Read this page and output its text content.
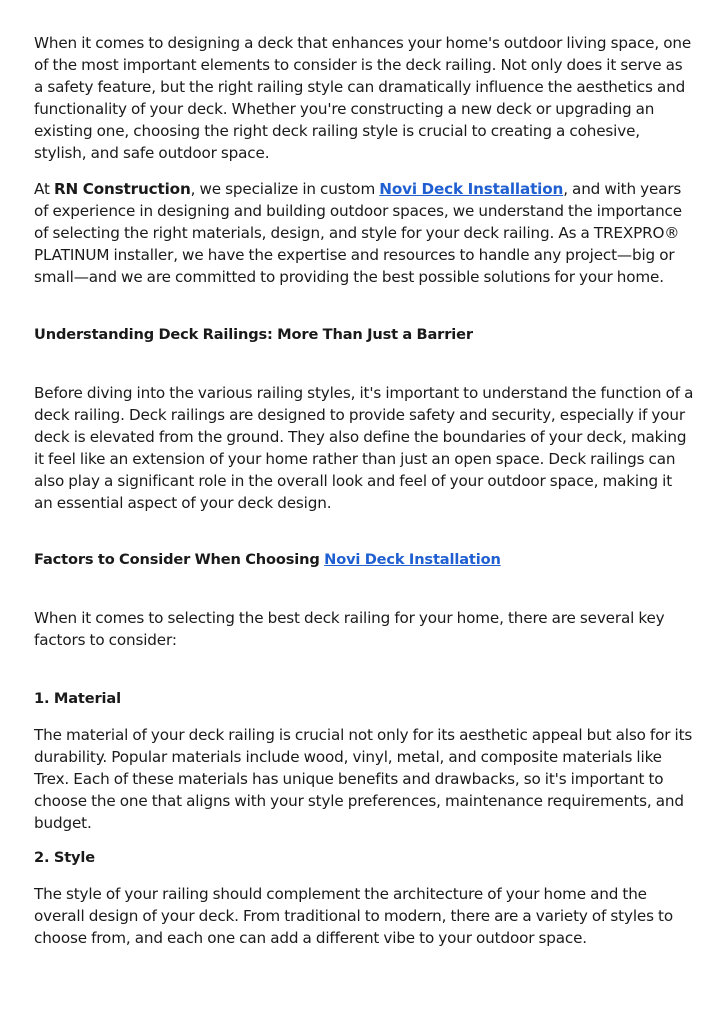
When it comes to designing a deck that enhances your home's outdoor living space, one of the most important elements to consider is the deck railing. Not only does it serve as a safety feature, but the right railing style can dramatically influence the aesthetics and functionality of your deck. Whether you're constructing a new deck or upgrading an existing one, choosing the right deck railing style is crucial to creating a cohesive, stylish, and safe outdoor space.

At RN Construction, we specialize in custom Novi Deck Installation, and with years of experience in designing and building outdoor spaces, we understand the importance of selecting the right materials, design, and style for your deck railing. As a TREXPRO® PLATINUM installer, we have the expertise and resources to handle any project—big or small—and we are committed to providing the best possible solutions for your home.

Understanding Deck Railings: More Than Just a Barrier

Before diving into the various railing styles, it's important to understand the function of a deck railing. Deck railings are designed to provide safety and security, especially if your deck is elevated from the ground. They also define the boundaries of your deck, making it feel like an extension of your home rather than just an open space. Deck railings can also play a significant role in the overall look and feel of your outdoor space, making it an essential aspect of your deck design.

Factors to Consider When Choosing Novi Deck Installation

When it comes to selecting the best deck railing for your home, there are several key factors to consider:

1. Material

The material of your deck railing is crucial not only for its aesthetic appeal but also for its durability. Popular materials include wood, vinyl, metal, and composite materials like Trex. Each of these materials has unique benefits and drawbacks, so it's important to choose the one that aligns with your style preferences, maintenance requirements, and budget.

2. Style

The style of your railing should complement the architecture of your home and the overall design of your deck. From traditional to modern, there are a variety of styles to choose from, and each one can add a different vibe to your outdoor space.
